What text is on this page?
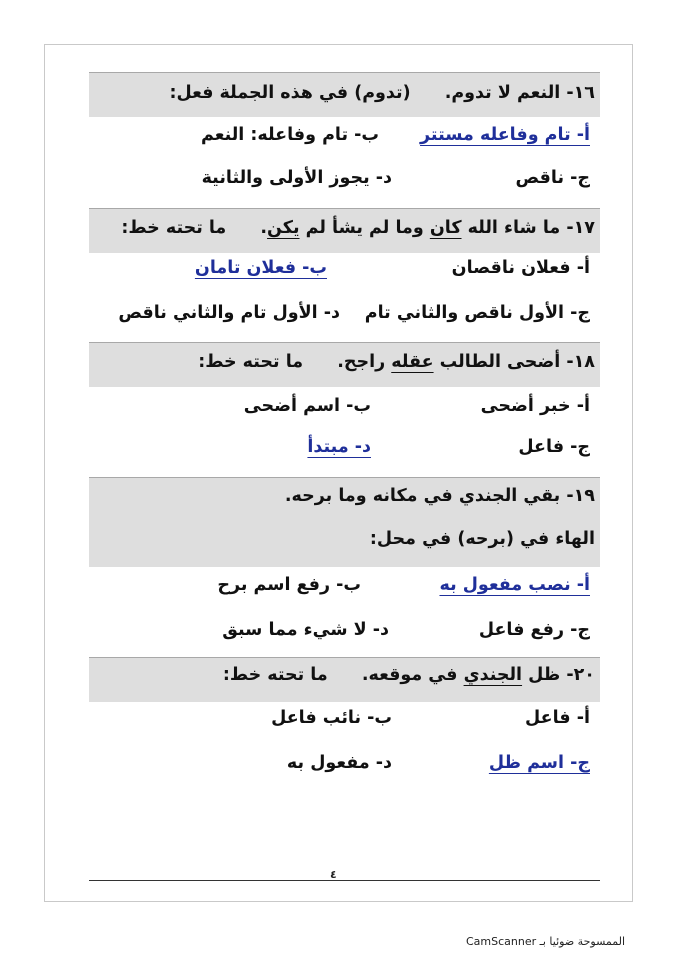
١٦- النعم لا تدوم. (تدوم) في هذه الجملة فعل:
أ- تام وفاعله مستتر
ب- تام وفاعله: النعم
ج- ناقص
د- يجوز الأولى والثانية
١٧- ما شاء الله كان وما لم يشأ لم يكن. ما تحته خط:
أ- فعلان ناقصان
ب- فعلان تامان
ج- الأول ناقص والثاني تام
د- الأول تام والثاني ناقص
١٨- أضحى الطالب عقله راجح. ما تحته خط:
أ- خبر أضحى
ب- اسم أضحى
ج- فاعل
د- مبتدأ
١٩- بقي الجندي في مكانه وما برحه.
الهاء في (برحه) في محل:
أ- نصب مفعول به
ب- رفع اسم برح
ج- رفع فاعل
د- لا شيء مما سبق
٢٠- ظل الجندي في موقعه. ما تحته خط:
أ- فاعل
ب- نائب فاعل
ج- اسم ظل
د- مفعول به
٤
الممسوحة ضوئيا بـ CamScanner
